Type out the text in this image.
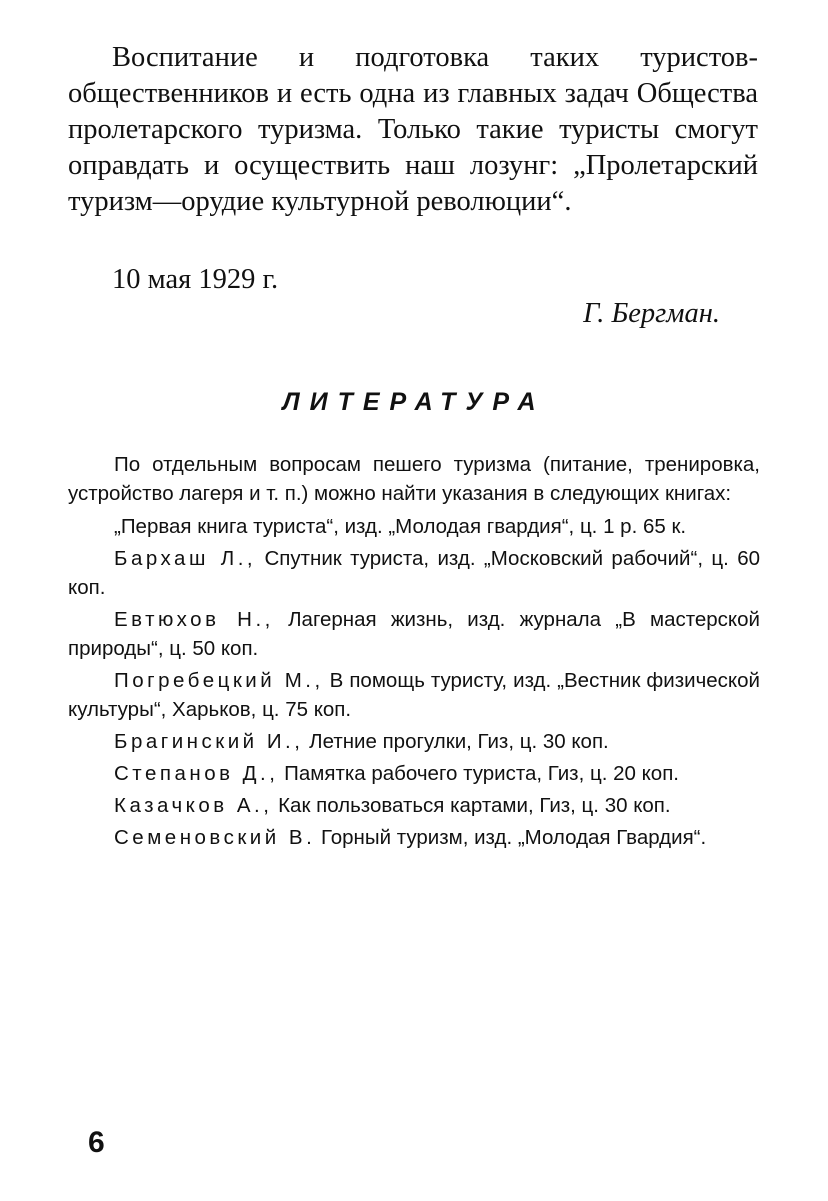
Воспитание и подготовка таких туристов-общественников и есть одна из главных задач Общества пролетарского туризма. Только такие туристы смогут оправдать и осуществить наш лозунг: „Пролетарский туризм—орудие культурной революции“.

10 мая 1929 г.
Г. Бергман.
ЛИТЕРАТУРА

По отдельным вопросам пешего туризма (питание, тренировка, устройство лагеря и т. п.) можно найти указания в следующих книгах:

„Первая книга туриста“, изд. „Молодая гвардия“, ц. 1 р. 65 к.

Бархаш Л., Спутник туриста, изд. „Московский рабочий“, ц. 60 коп.

Евтюхов Н., Лагерная жизнь, изд. журнала „В мастерской природы“, ц. 50 коп.

Погребецкий М., В помощь туристу, изд. „Вестник физической культуры“, Харьков, ц. 75 коп.

Брагинский И., Летние прогулки, Гиз, ц. 30 коп.

Степанов Д., Памятка рабочего туриста, Гиз, ц. 20 коп.

Казачков А., Как пользоваться картами, Гиз, ц. 30 коп.

Семеновский В. Горный туризм, изд. „Молодая Гвардия“.

6
